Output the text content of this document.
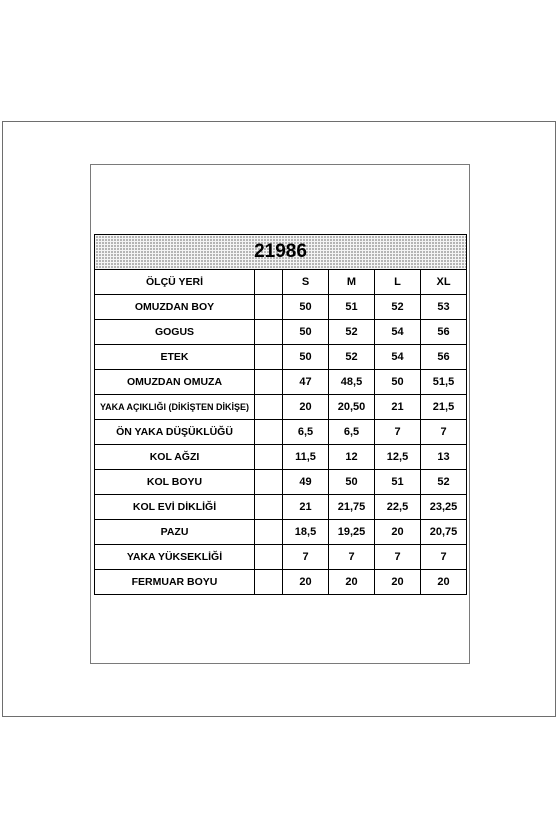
21986					
ÖLÇÜ YERİ		S	M	L	XL
OMUZDAN BOY		50	51	52	53
GOGUS		50	52	54	56
ETEK		50	52	54	56
OMUZDAN OMUZA		47	48,5	50	51,5
YAKA AÇIKLIĞI (DİKİŞTEN DİKİŞE)		20	20,50	21	21,5
ÖN YAKA DÜŞÜKLÜĞÜ		6,5	6,5	7	7
KOL AĞZI		11,5	12	12,5	13
KOL BOYU		49	50	51	52
KOL EVİ DİKLİĞİ		21	21,75	22,5	23,25
PAZU		18,5	19,25	20	20,75
YAKA YÜKSEKLİĞİ		7	7	7	7
FERMUAR BOYU		20	20	20	20
